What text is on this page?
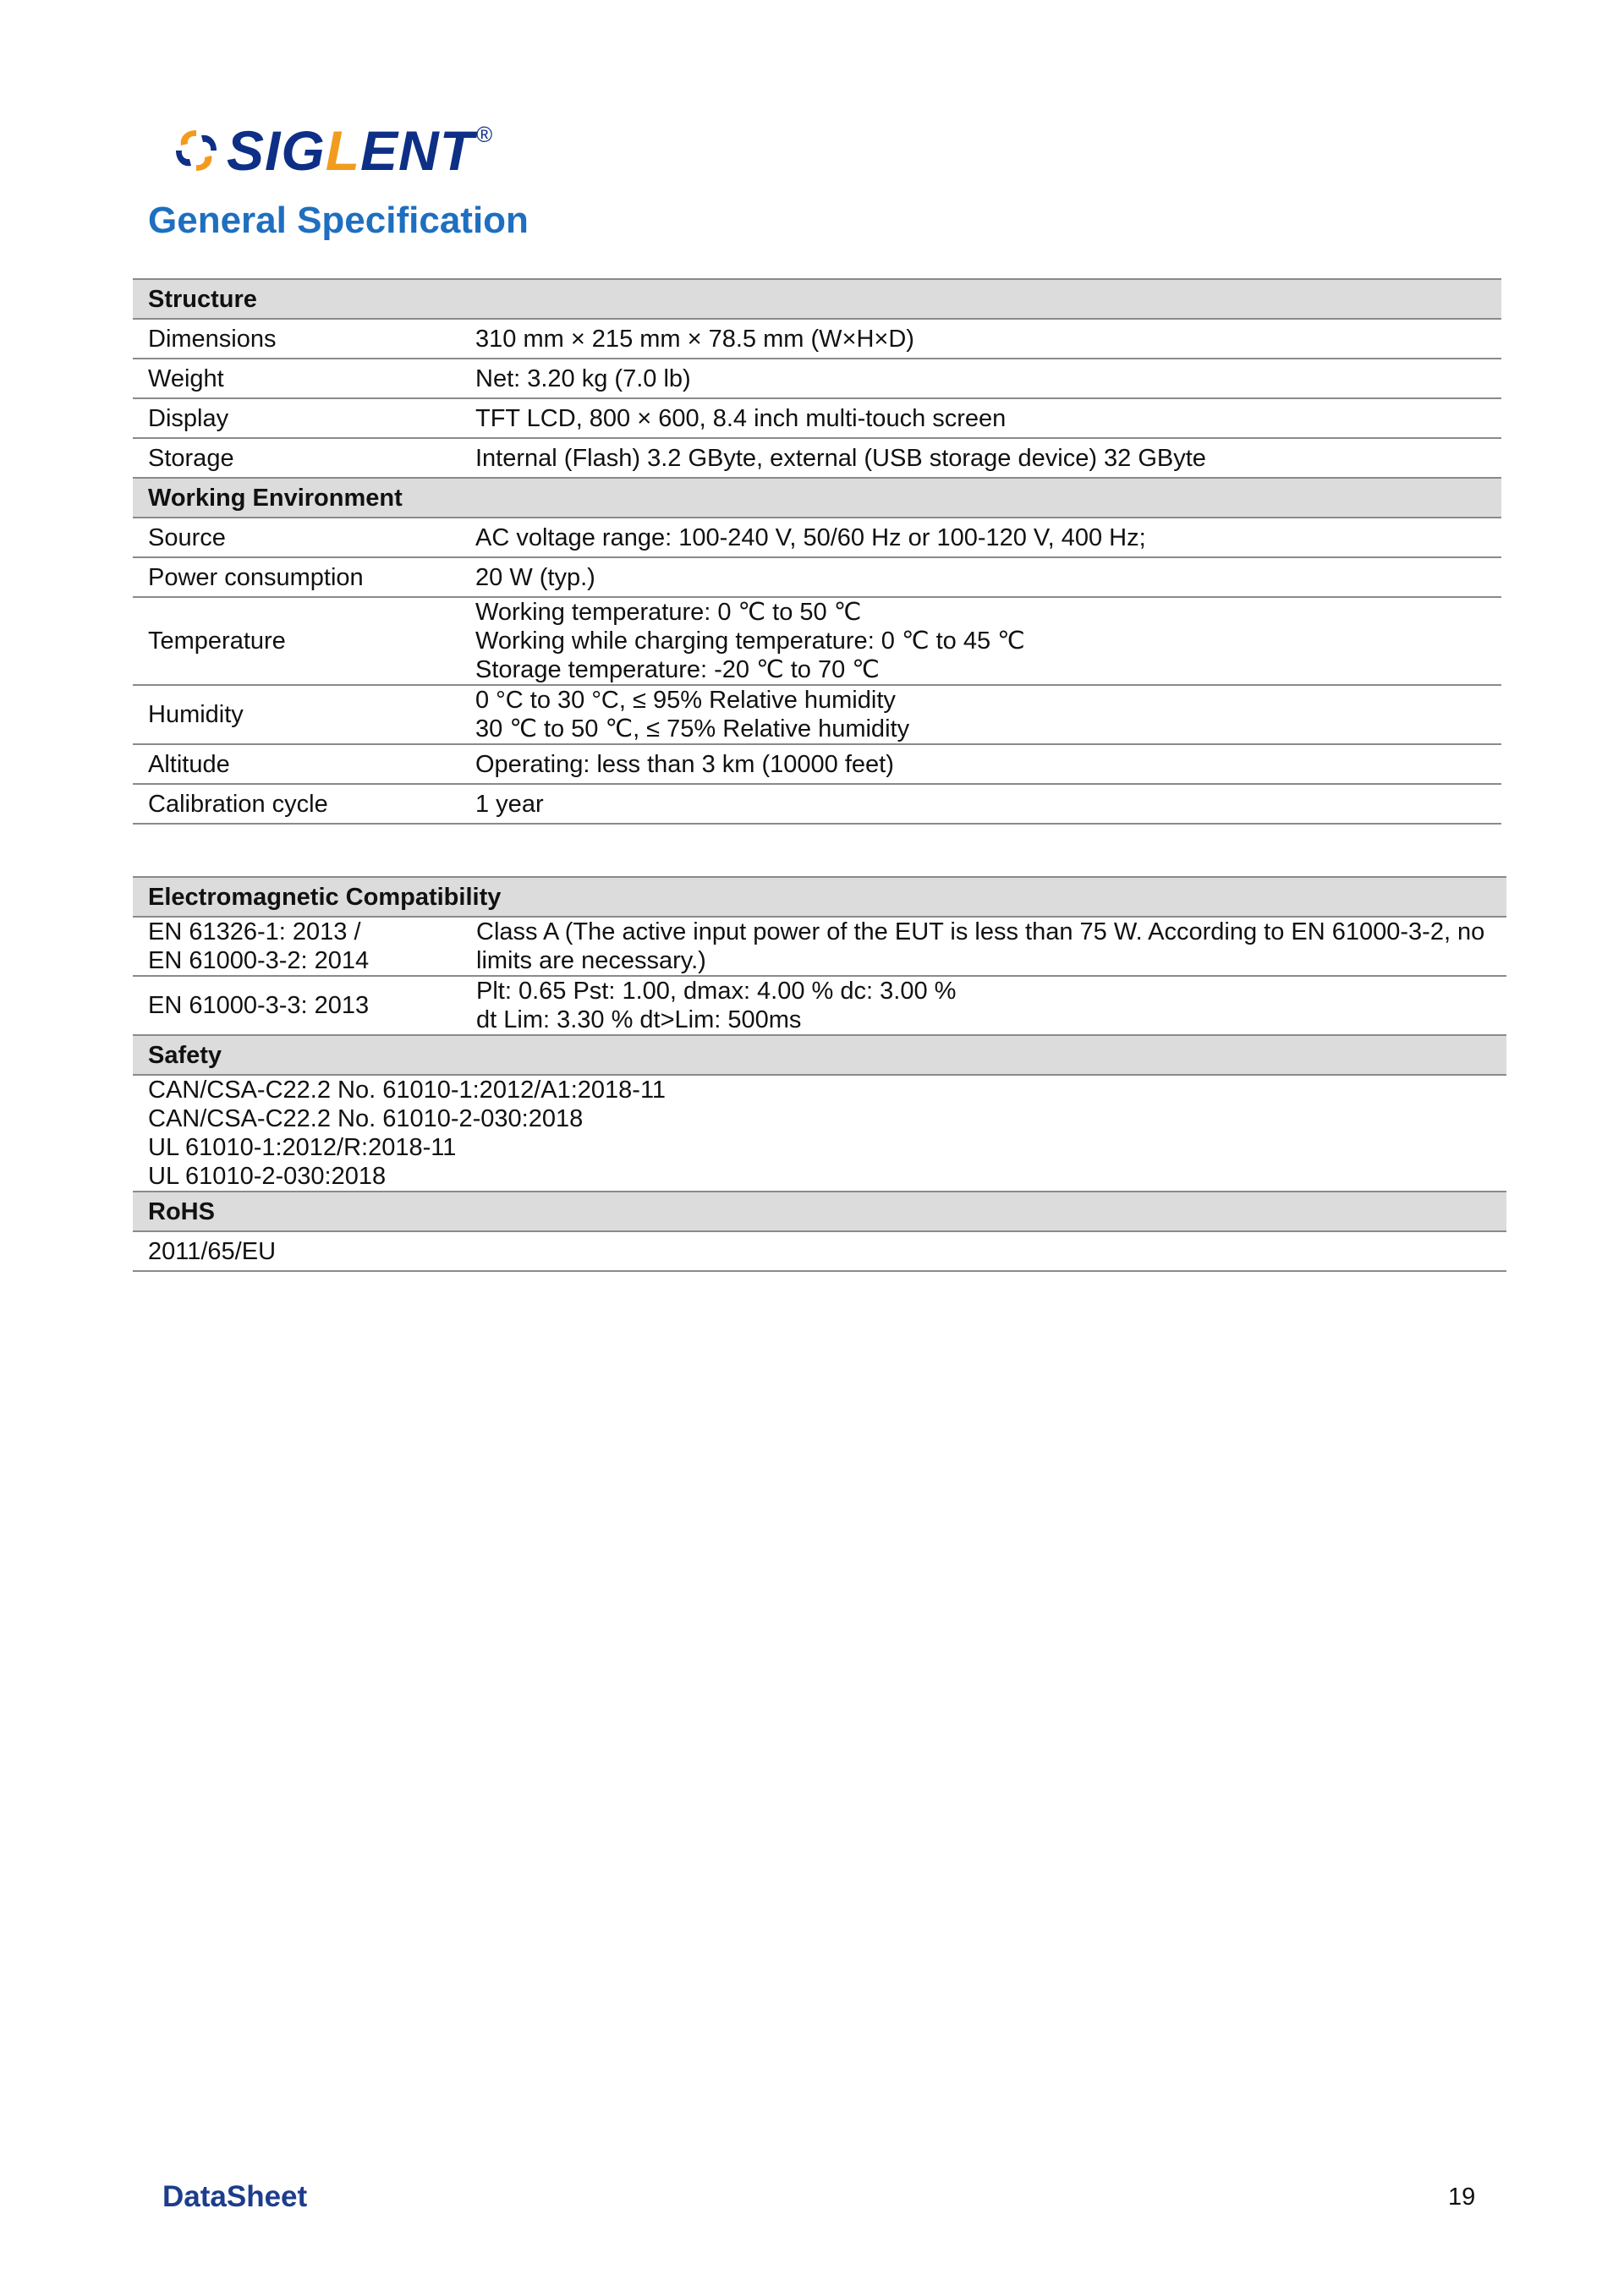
SIGLENT ®
General Specification
Structure	
Dimensions	310 mm × 215 mm × 78.5 mm (W×H×D)
Weight	Net: 3.20 kg (7.0 lb)
Display	TFT LCD, 800 × 600, 8.4 inch multi-touch screen
Storage	Internal (Flash) 3.2 GByte, external (USB storage device) 32 GByte
Working Environment	
Source	AC voltage range: 100-240 V, 50/60 Hz or 100-120 V, 400 Hz;
Power consumption	20 W (typ.)
Temperature	Working temperature: 0 ℃ to 50 ℃
Working while charging temperature: 0 ℃ to 45 ℃
Storage temperature: -20 ℃ to 70 ℃

Humidity	0 °C to 30 °C, ≤ 95% Relative humidity
30 ℃ to 50 ℃, ≤ 75% Relative humidity

Altitude	Operating: less than 3 km (10000 feet)
Calibration cycle	1 year
Electromagnetic Compatibility	

EN 61326-1: 2013 /
EN 61000-3-2: 2014	Class A (The active input power of the EUT is less than 75 W. According to EN 61000-3-2, no
limits are necessary.)

EN 61000-3-3: 2013	Plt: 0.65 Pst: 1.00, dmax: 4.00 % dc: 3.00 %
dt Lim: 3.30 % dt>Lim: 500ms

Safety	

CAN/CSA-C22.2 No. 61010-1:2012/A1:2018-11
CAN/CSA-C22.2 No. 61010-2-030:2018
UL 61010-1:2012/R:2018-11
UL 61010-2-030:2018	

RoHS	
2011/65/EU	
DataSheet	19
